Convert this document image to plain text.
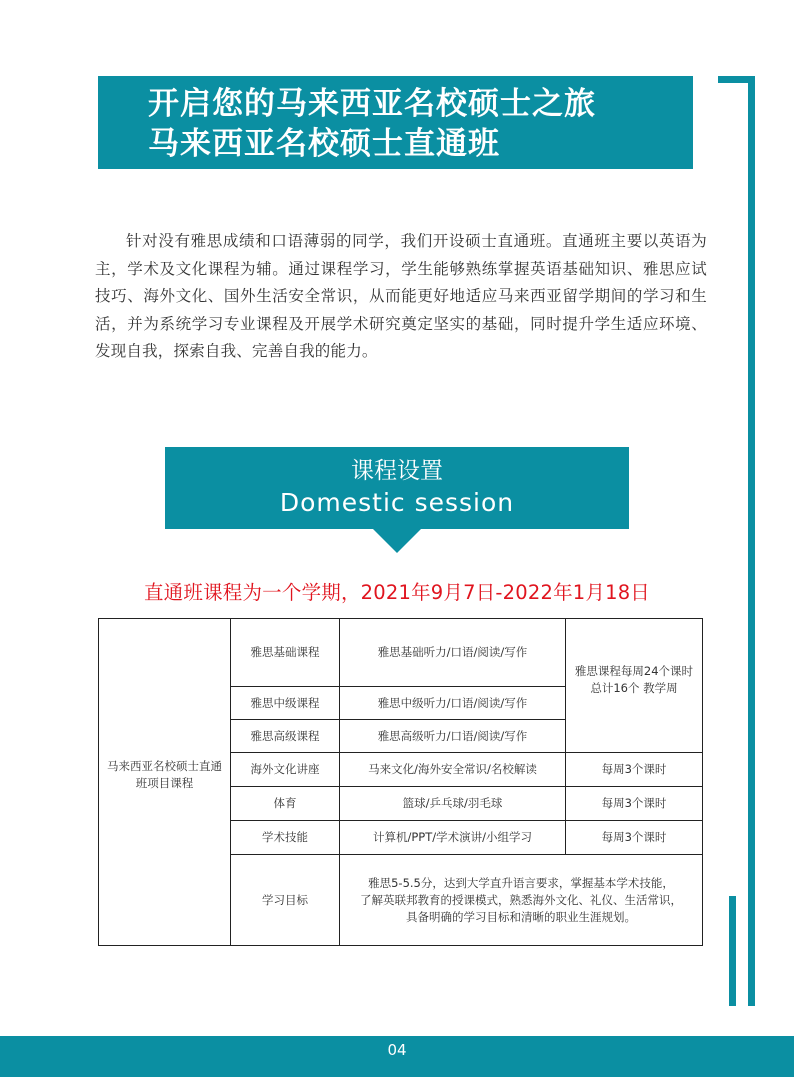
开启您的马来西亚名校硕士之旅
马来西亚名校硕士直通班

针对没有雅思成绩和口语薄弱的同学，我们开设硕士直通班。直通班主要以英语为主，学术及文化课程为辅。通过课程学习，学生能够熟练掌握英语基础知识、雅思应试技巧、海外文化、国外生活安全常识，从而能更好地适应马来西亚留学期间的学习和生活，并为系统学习专业课程及开展学术研究奠定坚实的基础，同时提升学生适应环境、发现自我，探索自我、完善自我的能力。

课程设置
Domestic session
直通班课程为一个学期，2021年9月7日-2022年1月18日
马来西亚名校硕士直通班项目课程	雅思基础课程	雅思基础听力/口语/阅读/写作	雅思课程每周24个课时
总计16个 教学周

	雅思中级课程	雅思中级听力/口语/阅读/写作	
	雅思高级课程	雅思高级听力/口语/阅读/写作	
	海外文化讲座	马来文化/海外安全常识/名校解读	每周3个课时
	体育	篮球/乒乓球/羽毛球	每周3个课时
	学术技能	计算机/PPT/学术演讲/小组学习	每周3个课时
	学习目标	雅思5-5.5分，达到大学直升语言要求，掌握基本学术技能，
了解英联邦教育的授课模式，熟悉海外文化、礼仪、生活常识，
具备明确的学习目标和清晰的职业生涯规划。	
04
